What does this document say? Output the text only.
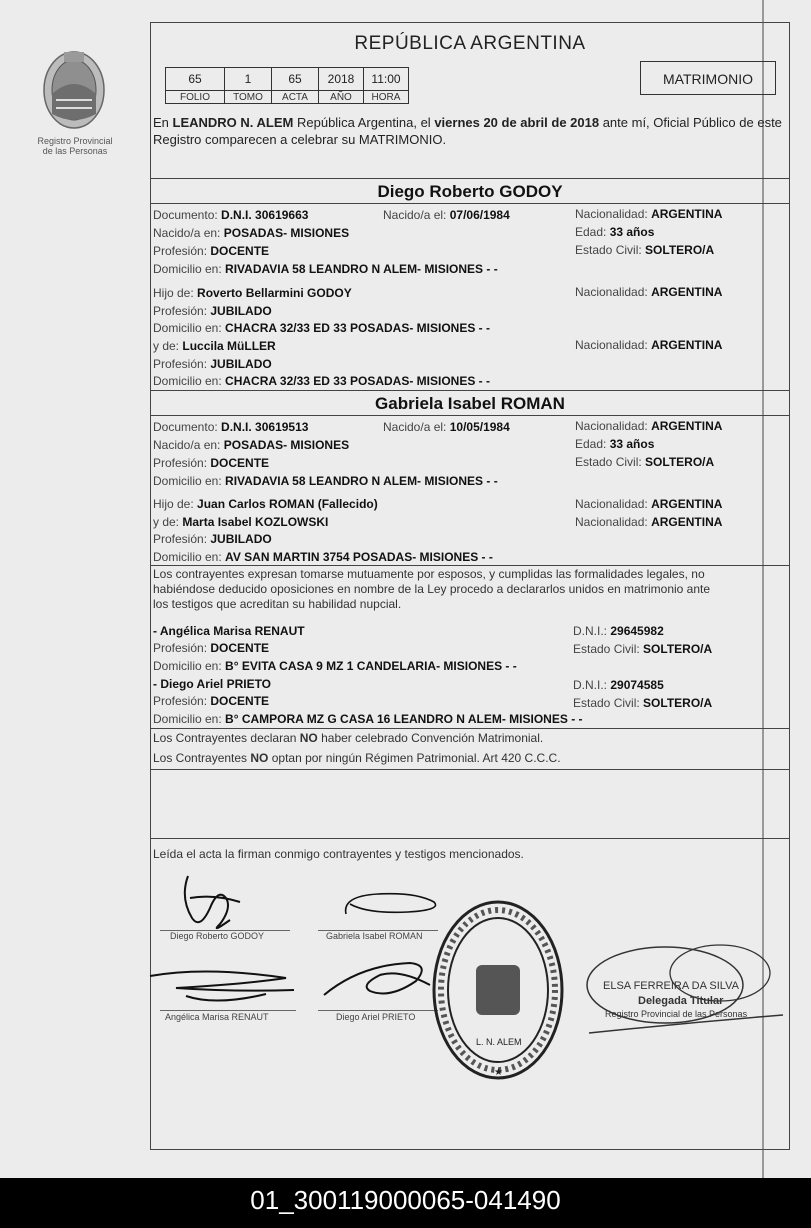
Registro Provincial
de las Personas
REPÚBLICA ARGENTINA
65	1	65	2018	11:00
FOLIO	TOMO	ACTA	AÑO	HORA
MATRIMONIO
En LEANDRO N. ALEM República Argentina, el viernes 20 de abril de 2018 ante mí, Oficial Público de este Registro comparecen a celebrar su MATRIMONIO.
Diego Roberto GODOY
Documento: D.N.I. 30619663	Nacido/a el: 07/06/1984	Nacionalidad: ARGENTINA
Nacido/a en: POSADAS- MISIONES	Edad: 33 años
Profesión: DOCENTE	Estado Civil: SOLTERO/A
Domicilio en: RIVADAVIA 58 LEANDRO N ALEM- MISIONES - -
Hijo de: Roverto Bellarmini GODOY	Nacionalidad: ARGENTINA
Profesión: JUBILADO
Domicilio en: CHACRA 32/33 ED 33 POSADAS- MISIONES - -
y de: Luccila MüLLER	Nacionalidad: ARGENTINA
Profesión: JUBILADO
Domicilio en: CHACRA 32/33 ED 33 POSADAS- MISIONES - -
Gabriela Isabel ROMAN
Documento: D.N.I. 30619513	Nacido/a el: 10/05/1984	Nacionalidad: ARGENTINA
Nacido/a en: POSADAS- MISIONES	Edad: 33 años
Profesión: DOCENTE	Estado Civil: SOLTERO/A
Domicilio en: RIVADAVIA 58 LEANDRO N ALEM- MISIONES - -
Hijo de: Juan Carlos ROMAN (Fallecido)	Nacionalidad: ARGENTINA
y de: Marta Isabel KOZLOWSKI	Nacionalidad: ARGENTINA
Profesión: JUBILADO
Domicilio en: AV SAN MARTIN 3754 POSADAS- MISIONES - -
Los contrayentes expresan tomarse mutuamente por esposos, y cumplidas las formalidades legales, no
habiéndose deducido oposiciones en nombre de la Ley procedo a declararlos unidos en matrimonio ante
los testigos que acreditan su habilidad nupcial.
- Angélica Marisa RENAUT	D.N.I.: 29645982
Profesión: DOCENTE	Estado Civil: SOLTERO/A
Domicilio en: B° EVITA CASA 9 MZ 1 CANDELARIA- MISIONES - -
- Diego Ariel PRIETO	D.N.I.: 29074585
Profesión: DOCENTE	Estado Civil: SOLTERO/A
Domicilio en: B° CAMPORA MZ G CASA 16 LEANDRO N ALEM- MISIONES - -
Los Contrayentes declaran NO haber celebrado Convención Matrimonial.
Los Contrayentes NO optan por ningún Régimen Patrimonial. Art 420 C.C.C.
Leída el acta la firman conmigo contrayentes y testigos mencionados.
Diego Roberto GODOY	Gabriela Isabel ROMAN
Angélica Marisa RENAUT	Diego Ariel PRIETO
L. N. ALEM
★
ELSA FERREIRA DA SILVA
Delegada Titular
Registro Provincial de las Personas
01_300119000065-041490
